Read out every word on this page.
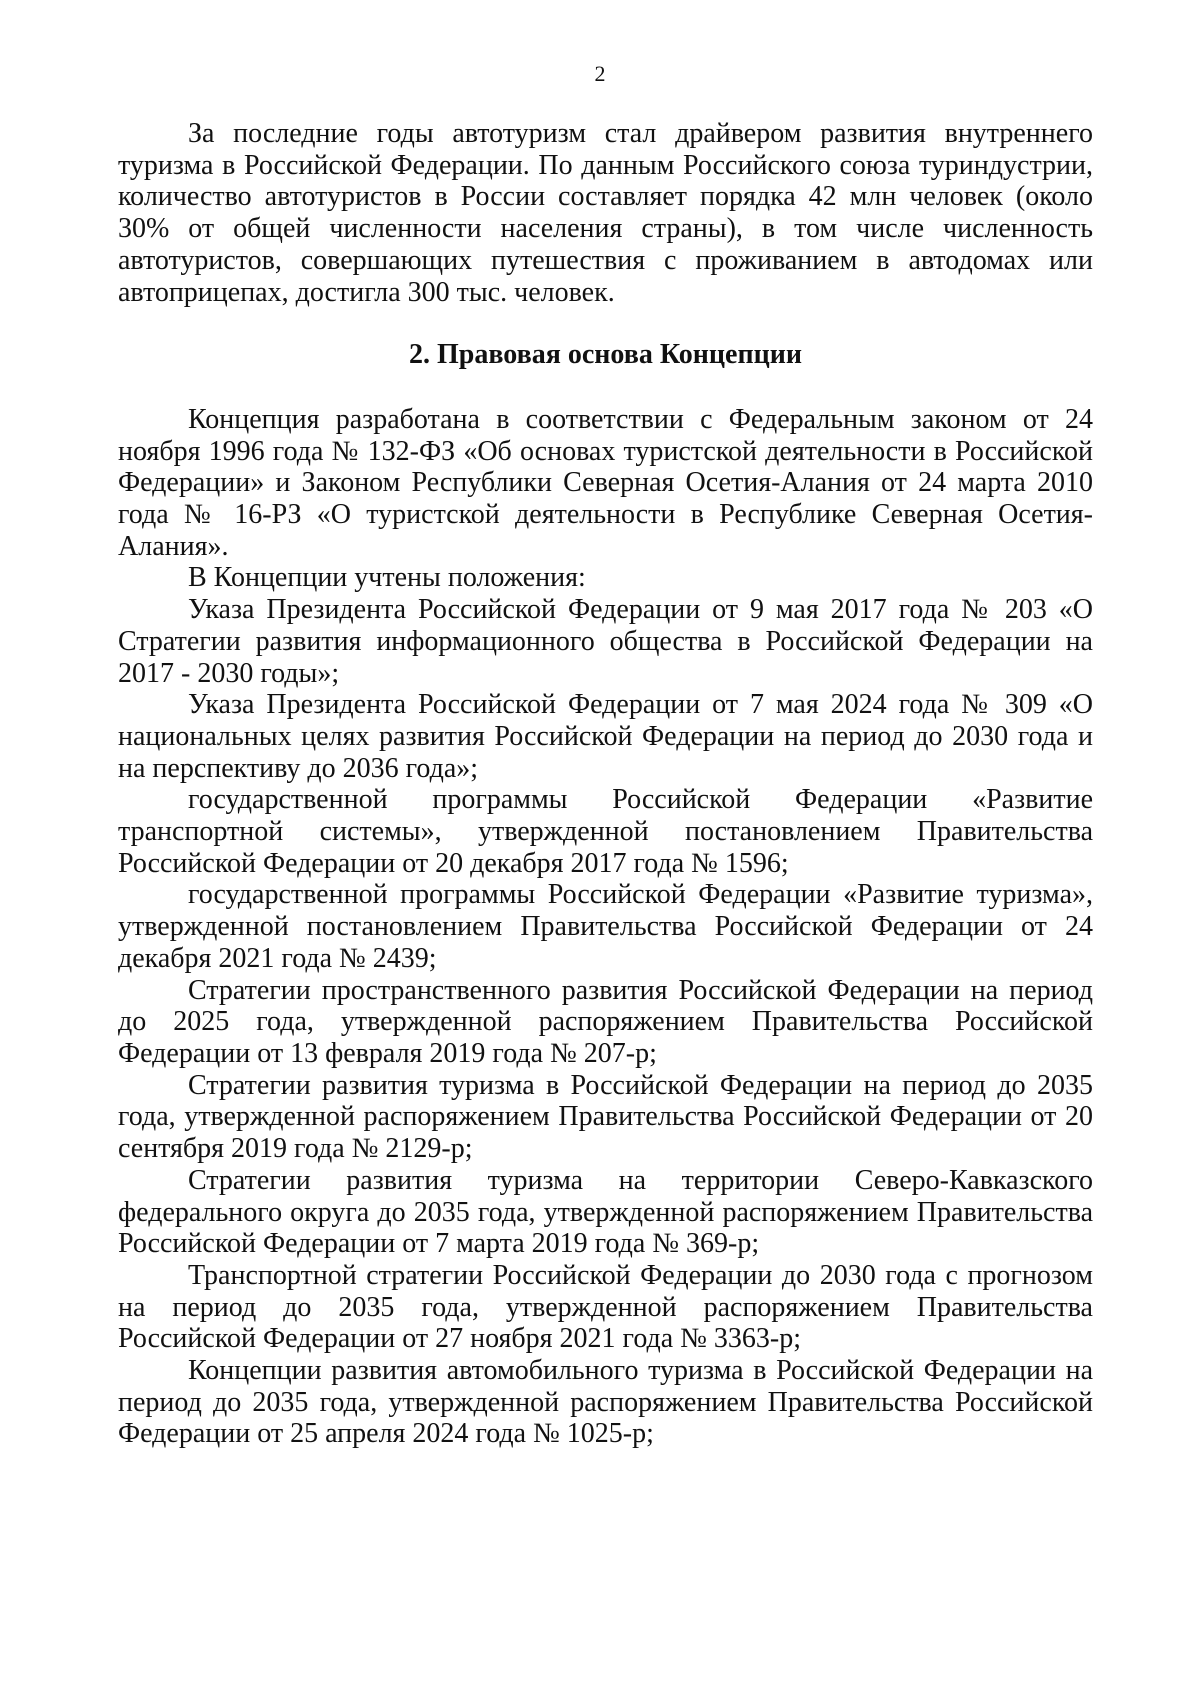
2

За последние годы автотуризм стал драйвером развития внутреннего туризма в Российской Федерации. По данным Российского союза туриндустрии, количество автотуристов в России составляет порядка 42 млн человек (около 30% от общей численности населения страны), в том числе численность автотуристов, совершающих путешествия с проживанием в автодомах или автоприцепах, достигла 300 тыс. человек.

2. Правовая основа Концепции

Концепция разработана в соответствии с Федеральным законом от 24 ноября 1996 года № 132-ФЗ «Об основах туристской деятельности в Российской Федерации» и Законом Республики Северная Осетия-Алания от 24 марта 2010 года № 16-РЗ «О туристской деятельности в Республике Северная Осетия-Алания».

В Концепции учтены положения:

Указа Президента Российской Федерации от 9 мая 2017 года № 203 «О Стратегии развития информационного общества в Российской Федерации на 2017 - 2030 годы»;

Указа Президента Российской Федерации от 7 мая 2024 года № 309 «О национальных целях развития Российской Федерации на период до 2030 года и на перспективу до 2036 года»;

государственной программы Российской Федерации «Развитие транспортной системы», утвержденной постановлением Правительства Российской Федерации от 20 декабря 2017 года № 1596;

государственной программы Российской Федерации «Развитие туризма», утвержденной постановлением Правительства Российской Федерации от 24 декабря 2021 года № 2439;

Стратегии пространственного развития Российской Федерации на период до 2025 года, утвержденной распоряжением Правительства Российской Федерации от 13 февраля 2019 года № 207-р;

Стратегии развития туризма в Российской Федерации на период до 2035 года, утвержденной распоряжением Правительства Российской Федерации от 20 сентября 2019 года № 2129-р;

Стратегии развития туризма на территории Северо-Кавказского федерального округа до 2035 года, утвержденной распоряжением Правительства Российской Федерации от 7 марта 2019 года № 369-р;

Транспортной стратегии Российской Федерации до 2030 года с прогнозом на период до 2035 года, утвержденной распоряжением Правительства Российской Федерации от 27 ноября 2021 года № 3363-р;

Концепции развития автомобильного туризма в Российской Федерации на период до 2035 года, утвержденной распоряжением Правительства Российской Федерации от 25 апреля 2024 года № 1025-р;
